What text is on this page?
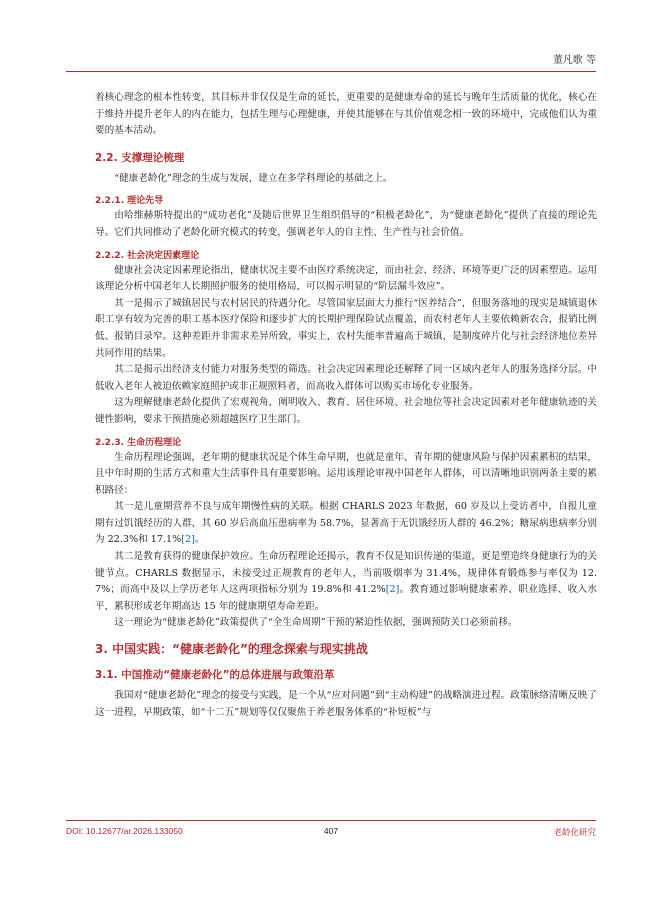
董凡歌 等

着核心理念的根本性转变，其目标并非仅仅是生命的延长，更重要的是健康寿命的延长与晚年生活质量的优化，核心在于维持并提升老年人的内在能力，包括生理与心理健康，并使其能够在与其价值观念相一致的环境中，完成他们认为重要的基本活动。

2.2. 支撑理论梳理

“健康老龄化”理念的生成与发展，建立在多学科理论的基础之上。

2.2.1. 理论先导

由哈维赫斯特提出的“成功老化”及随后世界卫生组织倡导的“积极老龄化”，为“健康老龄化”提供了直接的理论先导。它们共同推动了老龄化研究模式的转变，强调老年人的自主性、生产性与社会价值。

2.2.2. 社会决定因素理论

健康社会决定因素理论指出，健康状况主要不由医疗系统决定，而由社会、经济、环境等更广泛的因素塑造。运用该理论分析中国老年人长期照护服务的使用格局，可以揭示明显的“阶层漏斗效应”。

其一是揭示了城镇居民与农村居民的待遇分化。尽管国家层面大力推行“医养结合”，但服务落地的现实是城镇退休职工享有较为完善的职工基本医疗保险和逐步扩大的长期护理保险试点覆盖，而农村老年人主要依赖新农合，报销比例低、报销目录窄。这种差距并非需求差异所致，事实上，农村失能率普遍高于城镇，是制度碎片化与社会经济地位差异共同作用的结果。

其二是揭示出经济支付能力对服务类型的筛选。社会决定因素理论还解释了同一区域内老年人的服务选择分层。中低收入老年人被迫依赖家庭照护或非正规照料者，而高收入群体可以购买市场化专业服务。

这为理解健康老龄化提供了宏观视角，阐明收入、教育、居住环境、社会地位等社会决定因素对老年健康轨迹的关键性影响，要求干预措施必须超越医疗卫生部门。

2.2.3. 生命历程理论

生命历程理论强调，老年期的健康状况是个体生命早期，也就是童年、青年期的健康风险与保护因素累积的结果，且中年时期的生活方式和重大生活事件具有重要影响。运用该理论审视中国老年人群体，可以清晰地识别两条主要的累积路径：

其一是儿童期营养不良与成年期慢性病的关联。根据 CHARLS 2023 年数据，60 岁及以上受访者中，自报儿童期有过饥饿经历的人群，其 60 岁后高血压患病率为 58.7%，显著高于无饥饿经历人群的 46.2%；糖尿病患病率分别为 22.3%和 17.1%[2]。

其二是教育获得的健康保护效应。生命历程理论还揭示，教育不仅是知识传递的渠道，更是塑造终身健康行为的关键节点。CHARLS 数据显示，未接受过正规教育的老年人，当前吸烟率为 31.4%，规律体育锻炼参与率仅为 12.7%；而高中及以上学历老年人这两项指标分别为 19.8%和 41.2%[2]。教育通过影响健康素养、职业选择、收入水平，累积形成老年期高达 15 年的健康期望寿命差距。

这一理论为“健康老龄化”政策提供了“全生命周期”干预的紧迫性依据，强调预防关口必须前移。

3. 中国实践：“健康老龄化”的理念探索与现实挑战
3.1. 中国推动“健康老龄化”的总体进展与政策沿革

我国对“健康老龄化”理念的接受与实践，是一个从“应对问题”到“主动构建”的战略演进过程。政策脉络清晰反映了这一进程，早期政策，如“十二五”规划等仅仅聚焦于养老服务体系的“补短板”与

407
DOI: 10.12677/ar.2026.133050	老龄化研究
